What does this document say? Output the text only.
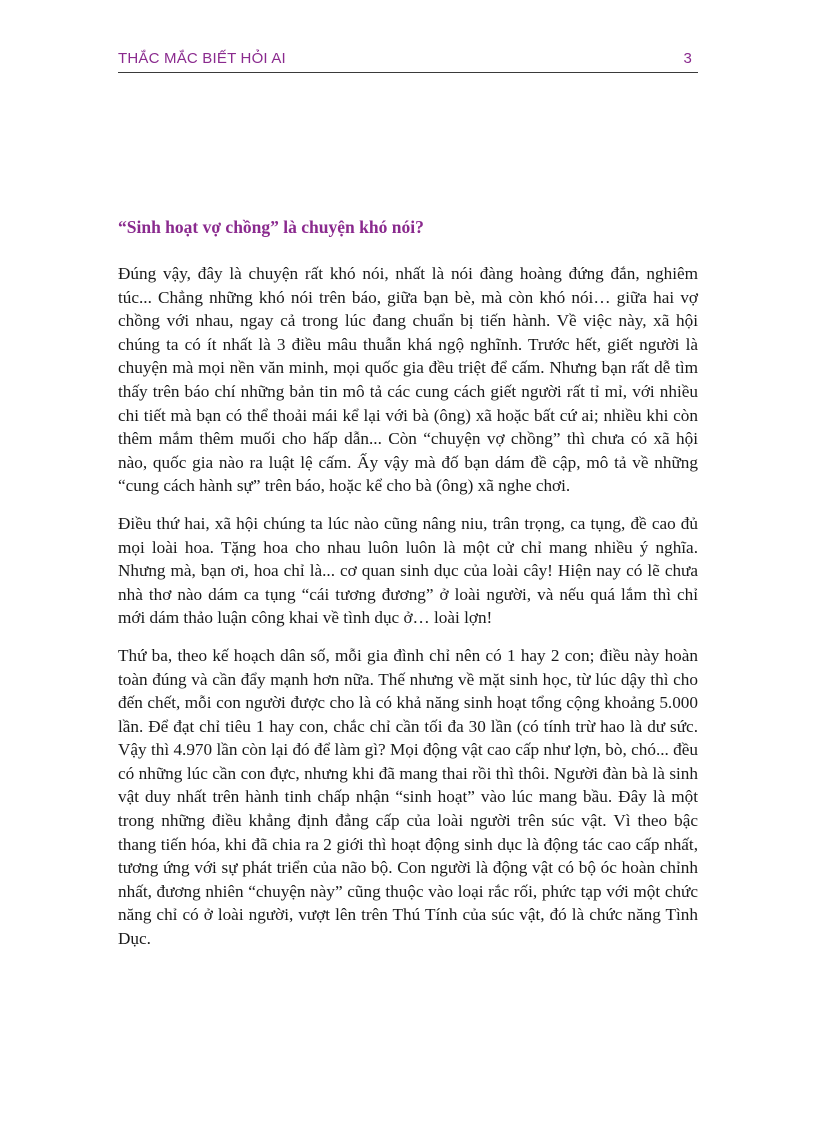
THẮC MẮC BIẾT HỎI AI	3
“Sinh hoạt vợ chồng” là chuyện khó nói?

Đúng vậy, đây là chuyện rất khó nói, nhất là nói đàng hoàng đứng đắn, nghiêm túc... Chẳng những khó nói trên báo, giữa bạn bè, mà còn khó nói… giữa hai vợ chồng với nhau, ngay cả trong lúc đang chuẩn bị tiến hành. Về việc này, xã hội chúng ta có ít nhất là 3 điều mâu thuẫn khá ngộ nghĩnh. Trước hết, giết người là chuyện mà mọi nền văn minh, mọi quốc gia đều triệt để cấm. Nhưng bạn rất dễ tìm thấy trên báo chí những bản tin mô tả các cung cách giết người rất tỉ mỉ, với nhiều chi tiết mà bạn có thể thoải mái kể lại với bà (ông) xã hoặc bất cứ ai; nhiều khi còn thêm mắm thêm muối cho hấp dẫn... Còn “chuyện vợ chồng” thì chưa có xã hội nào, quốc gia nào ra luật lệ cấm. Ấy vậy mà đố bạn dám đề cập, mô tả về những “cung cách hành sự” trên báo, hoặc kể cho bà (ông) xã nghe chơi.

Điều thứ hai, xã hội chúng ta lúc nào cũng nâng niu, trân trọng, ca tụng, đề cao đủ mọi loài hoa. Tặng hoa cho nhau luôn luôn là một cử chỉ mang nhiều ý nghĩa. Nhưng mà, bạn ơi, hoa chỉ là... cơ quan sinh dục của loài cây! Hiện nay có lẽ chưa nhà thơ nào dám ca tụng “cái tương đương” ở loài người, và nếu quá lắm thì chỉ mới dám thảo luận công khai về tình dục ở… loài lợn!

Thứ ba, theo kế hoạch dân số, mỗi gia đình chỉ nên có 1 hay 2 con; điều này hoàn toàn đúng và cần đẩy mạnh hơn nữa. Thế nhưng về mặt sinh học, từ lúc dậy thì cho đến chết, mỗi con người được cho là có khả năng sinh hoạt tổng cộng khoảng 5.000 lần. Để đạt chỉ tiêu 1 hay con, chắc chỉ cần tối đa 30 lần (có tính trừ hao là dư sức. Vậy thì 4.970 lần còn lại đó để làm gì? Mọi động vật cao cấp như lợn, bò, chó... đều có những lúc cần con đực, nhưng khi đã mang thai rồi thì thôi. Người đàn bà là sinh vật duy nhất trên hành tinh chấp nhận “sinh hoạt” vào lúc mang bầu. Đây là một trong những điều khẳng định đẳng cấp của loài người trên súc vật. Vì theo bậc thang tiến hóa, khi đã chia ra 2 giới thì hoạt động sinh dục là động tác cao cấp nhất, tương ứng với sự phát triển của não bộ. Con người là động vật có bộ óc hoàn chỉnh nhất, đương nhiên “chuyện này” cũng thuộc vào loại rắc rối, phức tạp với một chức năng chỉ có ở loài người, vượt lên trên Thú Tính của súc vật, đó là chức năng Tình Dục.
